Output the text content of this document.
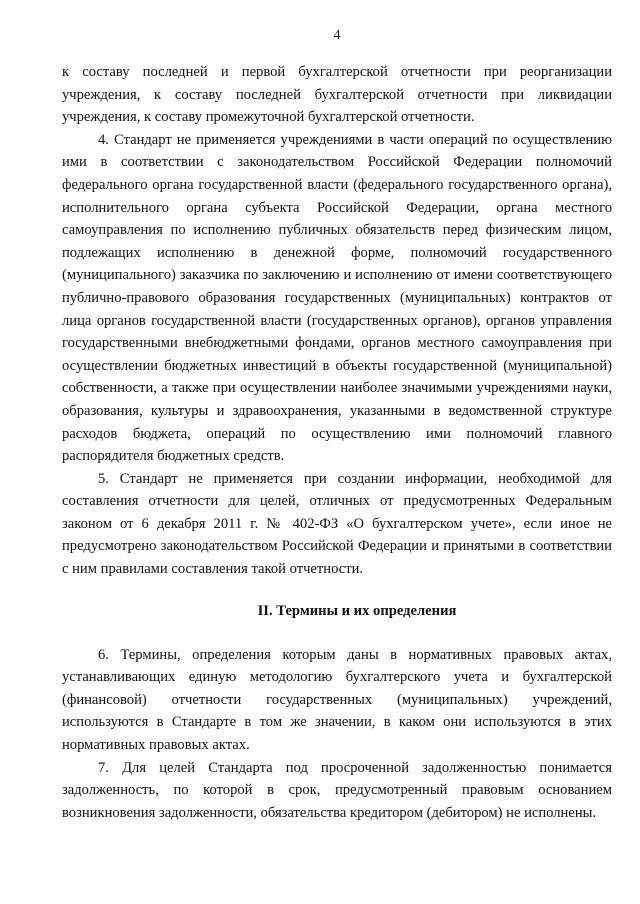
4

к составу последней и первой бухгалтерской отчетности при реорганизации учреждения, к составу последней бухгалтерской отчетности при ликвидации учреждения, к составу промежуточной бухгалтерской отчетности.

4. Стандарт не применяется учреждениями в части операций по осуществлению ими в соответствии с законодательством Российской Федерации полномочий федерального органа государственной власти (федерального государственного органа), исполнительного органа субъекта Российской Федерации, органа местного самоуправления по исполнению публичных обязательств перед физическим лицом, подлежащих исполнению в денежной форме, полномочий государственного (муниципального) заказчика по заключению и исполнению от имени соответствующего публично-правового образования государственных (муниципальных) контрактов от лица органов государственной власти (государственных органов), органов управления государственными внебюджетными фондами, органов местного самоуправления при осуществлении бюджетных инвестиций в объекты государственной (муниципальной) собственности, а также при осуществлении наиболее значимыми учреждениями науки, образования, культуры и здравоохранения, указанными в ведомственной структуре расходов бюджета, операций по осуществлению ими полномочий главного распорядителя бюджетных средств.

5. Стандарт не применяется при создании информации, необходимой для составления отчетности для целей, отличных от предусмотренных Федеральным законом от 6 декабря 2011 г. № 402-ФЗ «О бухгалтерском учете», если иное не предусмотрено законодательством Российской Федерации и принятыми в соответствии с ним правилами составления такой отчетности.

II. Термины и их определения

6. Термины, определения которым даны в нормативных правовых актах, устанавливающих единую методологию бухгалтерского учета и бухгалтерской (финансовой) отчетности государственных (муниципальных) учреждений, используются в Стандарте в том же значении, в каком они используются в этих нормативных правовых актах.

7. Для целей Стандарта под просроченной задолженностью понимается задолженность, по которой в срок, предусмотренный правовым основанием возникновения задолженности, обязательства кредитором (дебитором) не исполнены.
